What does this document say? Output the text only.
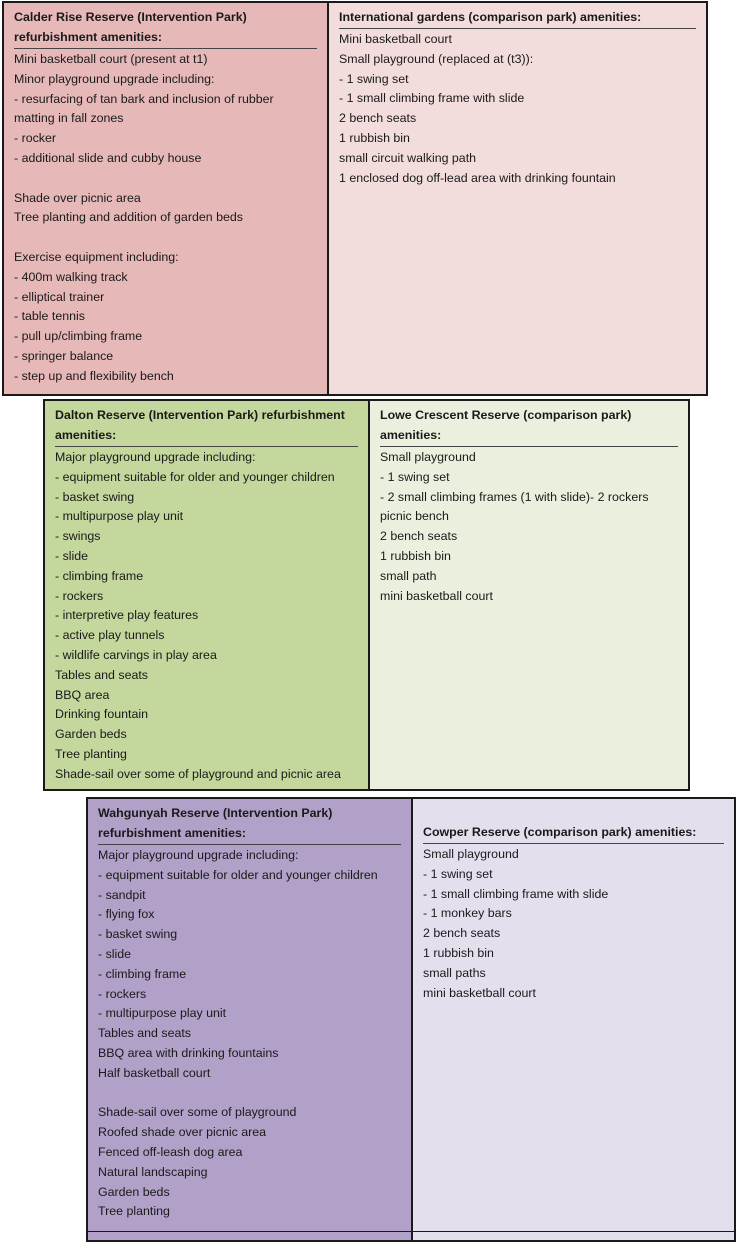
Calder Rise Reserve (Intervention Park) refurbishment amenities:
Mini basketball court (present at t1)
Minor playground upgrade including:
- resurfacing of tan bark and inclusion of rubber matting in fall zones
- rocker
- additional slide and cubby house
Shade over picnic area
Tree planting and addition of garden beds
Exercise equipment including:
- 400m walking track
- elliptical trainer
- table tennis
- pull up/climbing frame
- springer balance
- step up and flexibility bench
International gardens (comparison park) amenities:
Mini basketball court
Small playground (replaced at (t3)):
- 1 swing set
- 1 small climbing frame with slide
2 bench seats
1 rubbish bin
small circuit walking path
1 enclosed dog off-lead area with drinking fountain
Dalton Reserve (Intervention Park) refurbishment amenities:
Major playground upgrade including:
- equipment suitable for older and younger children
- basket swing
- multipurpose play unit
- swings
- slide
- climbing frame
- rockers
- interpretive play features
- active play tunnels
- wildlife carvings in play area
Tables and seats
BBQ area
Drinking fountain
Garden beds
Tree planting
Shade-sail over some of playground and picnic area
Lowe Crescent Reserve (comparison park) amenities:
Small playground
- 1 swing set
- 2 small climbing frames (1 with slide)- 2 rockers
picnic bench
2 bench seats
1 rubbish bin
small path
mini basketball court
Wahgunyah Reserve (Intervention Park) refurbishment amenities:
Major playground upgrade including:
- equipment suitable for older and younger children
- sandpit
- flying fox
- basket swing
- slide
- climbing frame
- rockers
- multipurpose play unit
Tables and seats
BBQ area with drinking fountains
Half basketball court
Shade-sail over some of playground
Roofed shade over picnic area
Fenced off-leash dog area
Natural landscaping
Garden beds
Tree planting
Cowper Reserve (comparison park) amenities:
Small playground
- 1 swing set
- 1 small climbing frame with slide
- 1 monkey bars
2 bench seats
1 rubbish bin
small paths
mini basketball court
